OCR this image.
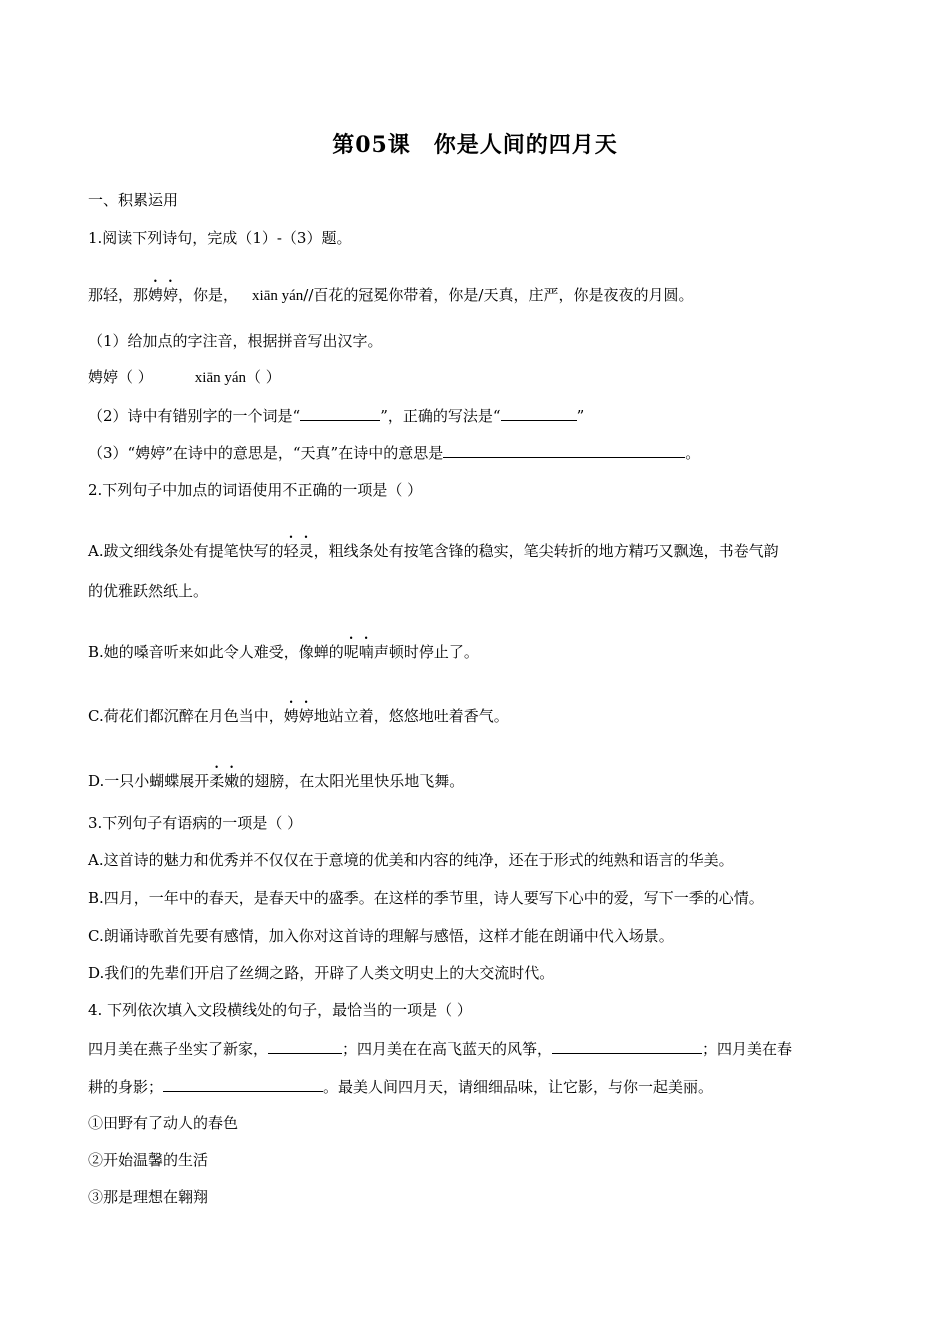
第05课　你是人间的四月天

一、积累运用

1.阅读下列诗句，完成（1）-（3）题。

那轻，那娉婷，你是， xiān yán//百花的冠冕你带着，你是/天真，庄严，你是夜夜的月圆。

（1）给加点的字注音，根据拼音写出汉字。

娉婷（ ）	xiān yán（ ）

（2）诗中有错别字的一个词是“	”，正确的写法是“	”

（3）“娉婷”在诗中的意思是，“天真”在诗中的意思是	。

2.下列句子中加点的词语使用不正确的一项是（ ）

A.跋文细线条处有提笔快写的轻灵，粗线条处有按笔含锋的稳实，笔尖转折的地方精巧又飘逸，书卷气韵

的优雅跃然纸上。

B.她的嗓音听来如此令人难受，像蝉的呢喃声顿时停止了。

C.荷花们都沉醉在月色当中，娉婷地站立着，悠悠地吐着香气。

D.一只小蝴蝶展开柔嫩的翅膀，在太阳光里快乐地飞舞。

3.下列句子有语病的一项是（ ）

A.这首诗的魅力和优秀并不仅仅在于意境的优美和内容的纯净，还在于形式的纯熟和语言的华美。

B.四月，一年中的春天，是春天中的盛季。在这样的季节里，诗人要写下心中的爱，写下一季的心情。

C.朗诵诗歌首先要有感情，加入你对这首诗的理解与感悟，这样才能在朗诵中代入场景。

D.我们的先辈们开启了丝绸之路，开辟了人类文明史上的大交流时代。

4. 下列依次填入文段横线处的句子，最恰当的一项是（ ）

四月美在燕子坐实了新家，	；四月美在在高飞蓝天的风筝，	；四月美在春

耕的身影；	。最美人间四月天，请细细品味，让它影，与你一起美丽。

①田野有了动人的春色

②开始温馨的生活

③那是理想在翱翔
